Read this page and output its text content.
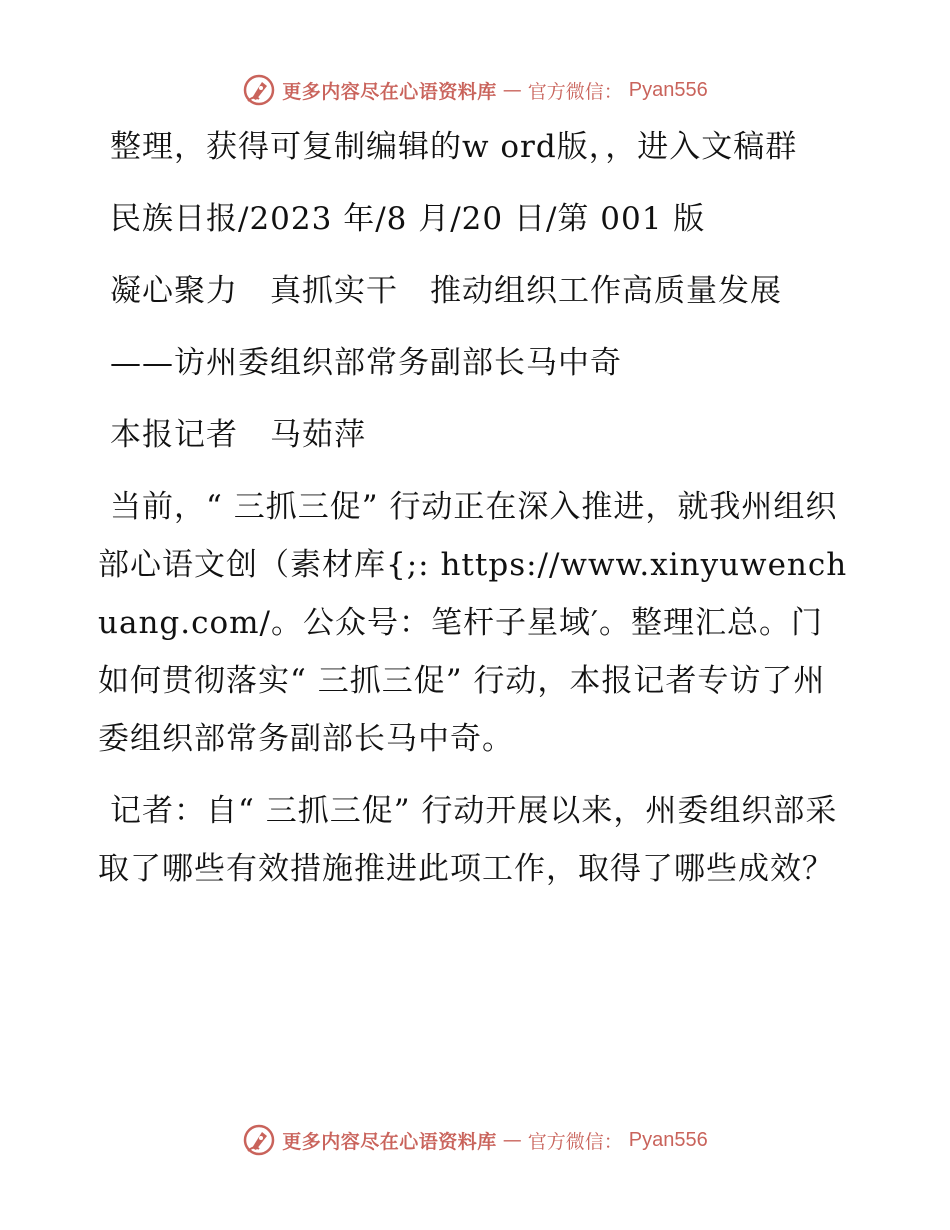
更多内容尽在心语资料库 — 官方微信： Pyan556

整理，获得可复制编辑的w ord版，，进入文稿群

民族日报/2023 年/8 月/20 日/第 001 版

凝心聚力　真抓实干　推动组织工作高质量发展

——访州委组织部常务副部长马中奇

本报记者　马茹萍

当前，“ 三抓三促” 行动正在深入推进，就我州组织部心语文创（素材库{;: https://www.xinyuwenchuang.com/。公众号：笔杆子星域′。整理汇总。门如何贯彻落实“ 三抓三促” 行动，本报记者专访了州委组织部常务副部长马中奇。

记者：自“ 三抓三促” 行动开展以来，州委组织部采取了哪些有效措施推进此项工作，取得了哪些成效？

更多内容尽在心语资料库 — 官方微信： Pyan556
